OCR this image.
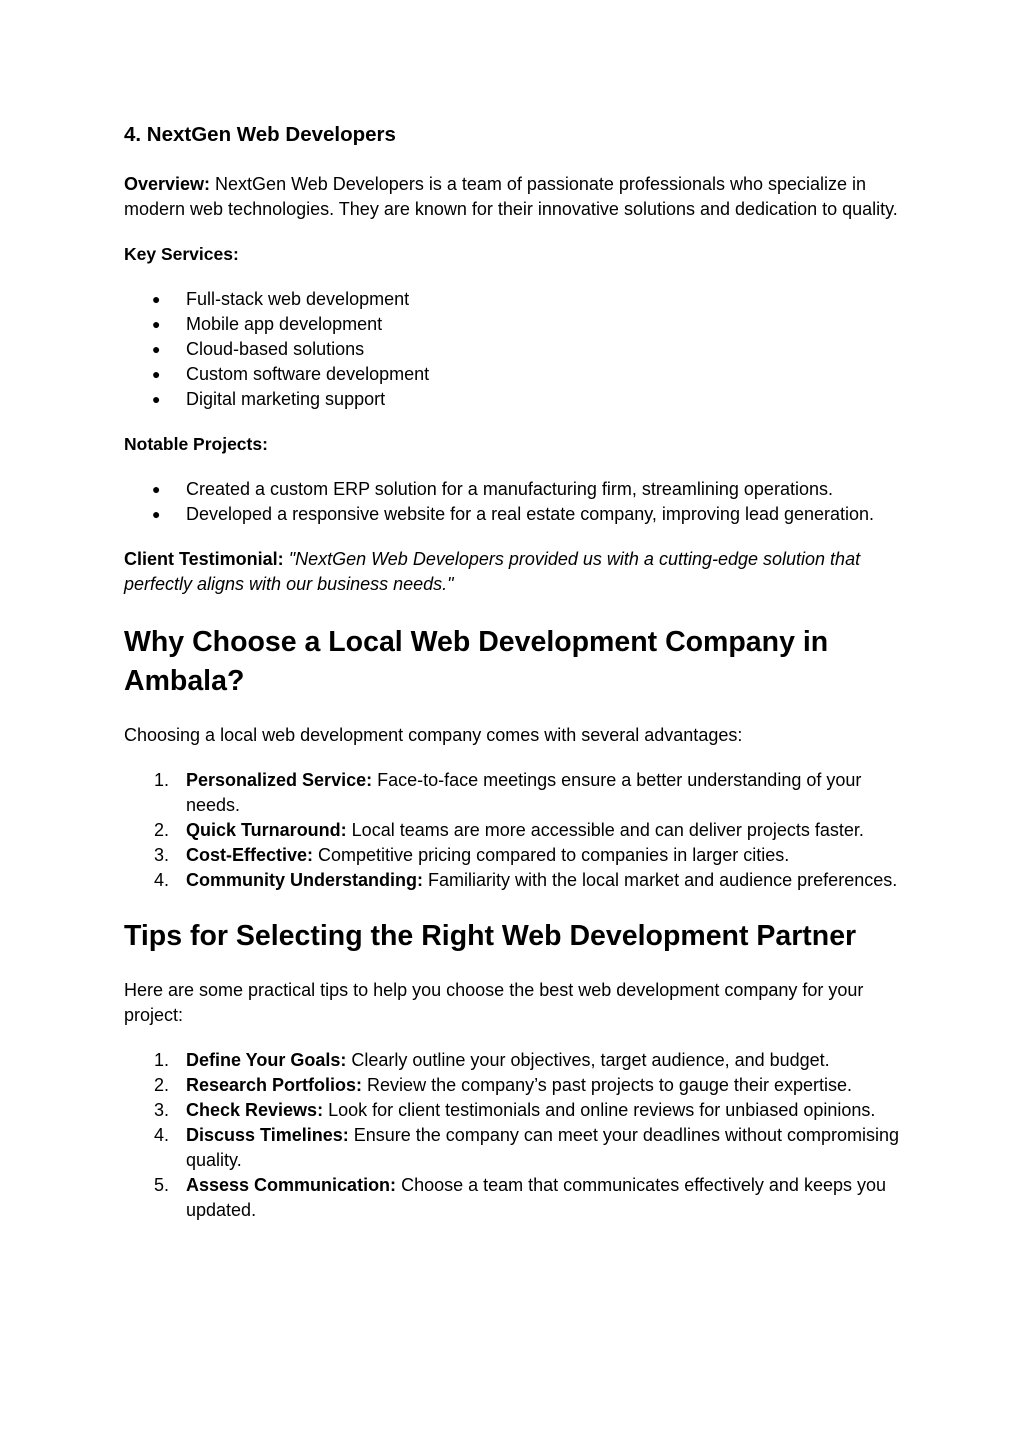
4. NextGen Web Developers

Overview: NextGen Web Developers is a team of passionate professionals who specialize in modern web technologies. They are known for their innovative solutions and dedication to quality.

Key Services:

● Full-stack web development
● Mobile app development
● Cloud-based solutions
● Custom software development
● Digital marketing support

Notable Projects:

● Created a custom ERP solution for a manufacturing firm, streamlining operations.
● Developed a responsive website for a real estate company, improving lead generation.

Client Testimonial: "NextGen Web Developers provided us with a cutting-edge solution that perfectly aligns with our business needs."

Why Choose a Local Web Development Company in Ambala?

Choosing a local web development company comes with several advantages:

1. Personalized Service: Face-to-face meetings ensure a better understanding of your needs.
2. Quick Turnaround: Local teams are more accessible and can deliver projects faster.
3. Cost-Effective: Competitive pricing compared to companies in larger cities.
4. Community Understanding: Familiarity with the local market and audience preferences.
Tips for Selecting the Right Web Development Partner

Here are some practical tips to help you choose the best web development company for your project:

1. Define Your Goals: Clearly outline your objectives, target audience, and budget.
2. Research Portfolios: Review the company’s past projects to gauge their expertise.
3. Check Reviews: Look for client testimonials and online reviews for unbiased opinions.
4. Discuss Timelines: Ensure the company can meet your deadlines without compromising quality.
5. Assess Communication: Choose a team that communicates effectively and keeps you updated.
